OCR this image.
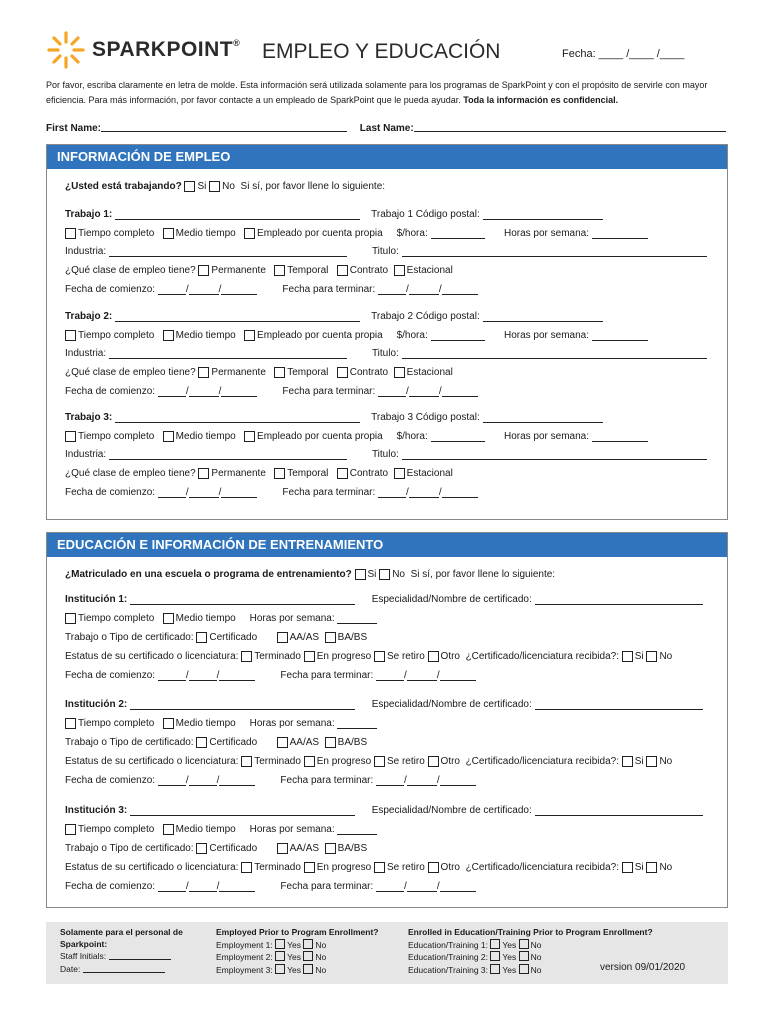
SPARKPOINT® EMPLEO Y EDUCACIÓN	Fecha: ____ /____ /____
Por favor, escriba claramente en letra de molde. Esta información será utilizada solamente para los programas de SparkPoint y con el propósito de servirle con mayor eficiencia. Para más información, por favor contacte a un empleado de SparkPoint que le pueda ayudar. Toda la información es confidencial.
First Name:	Last Name:
INFORMACIÓN DE EMPLEO
¿Usted está trabajando?
Si
No
Si sí, por favor llene lo siguiente:
Trabajo 1:

	Trabajo 1 Código postal:

Tiempo completo
Medio tiempo
Empleado por cuenta propia
$/hora:

	Horas por semana:

Industria:

	Titulo:

¿Qué clase de empleo tiene?
Permanente
Temporal
Contrato
Estacional
Fecha de comienzo:
	/	/
	Fecha para terminar:
	/	/
Trabajo 2:

	Trabajo 2 Código postal:

Tiempo completo
Medio tiempo
Empleado por cuenta propia
$/hora:

	Horas por semana:

Industria:

	Titulo:

¿Qué clase de empleo tiene?
Permanente
Temporal
Contrato
Estacional
Fecha de comienzo:
	/	/
	Fecha para terminar:
	/	/
Trabajo 3:

	Trabajo 3 Código postal:

Tiempo completo
Medio tiempo
Empleado por cuenta propia
$/hora:

	Horas por semana:

Industria:

	Titulo:

¿Qué clase de empleo tiene?
Permanente
Temporal
Contrato
Estacional
Fecha de comienzo:
	/	/
	Fecha para terminar:
	/	/
EDUCACIÓN E INFORMACIÓN DE ENTRENAMIENTO
¿Matriculado en una escuela o programa de entrenamiento?
Si
No
Si sí, por favor llene lo siguiente:
Institución 1:

	Especialidad/Nombre de certificado:

Tiempo completo
Medio tiempo
Horas por semana:

Trabajo o Tipo de certificado:
Certificado
	AA/AS
BA/BS
Estatus de su certificado o licenciatura:
Terminado
En progreso
Se retiro
Otro
¿Certificado/licenciatura recibida?:
Si
No
Fecha de comienzo:
	/	/
	Fecha para terminar:
	/	/
Institución 2:

	Especialidad/Nombre de certificado:

Tiempo completo
Medio tiempo
Horas por semana:

Trabajo o Tipo de certificado:
Certificado
	AA/AS
BA/BS
Estatus de su certificado o licenciatura:
Terminado
En progreso
Se retiro
Otro
¿Certificado/licenciatura recibida?:
Si
No
Fecha de comienzo:
	/	/
	Fecha para terminar:
	/	/
Institución 3:

	Especialidad/Nombre de certificado:

Tiempo completo
Medio tiempo
Horas por semana:

Trabajo o Tipo de certificado:
Certificado
	AA/AS
BA/BS
Estatus de su certificado o licenciatura:
Terminado
En progreso
Se retiro
Otro
¿Certificado/licenciatura recibida?:
Si
No
Fecha de comienzo:
	/	/
	Fecha para terminar:
	/	/
Solamente para el personal de Sparkpoint:
Staff Initials:
Date:
Employed Prior to Program Enrollment?
Employment 1: Yes No
Employment 2: Yes No
Employment 3: Yes No
Enrolled in Education/Training Prior to Program Enrollment?
Education/Training 1: Yes No
Education/Training 2: Yes No
Education/Training 3: Yes No	version 09/01/2020
